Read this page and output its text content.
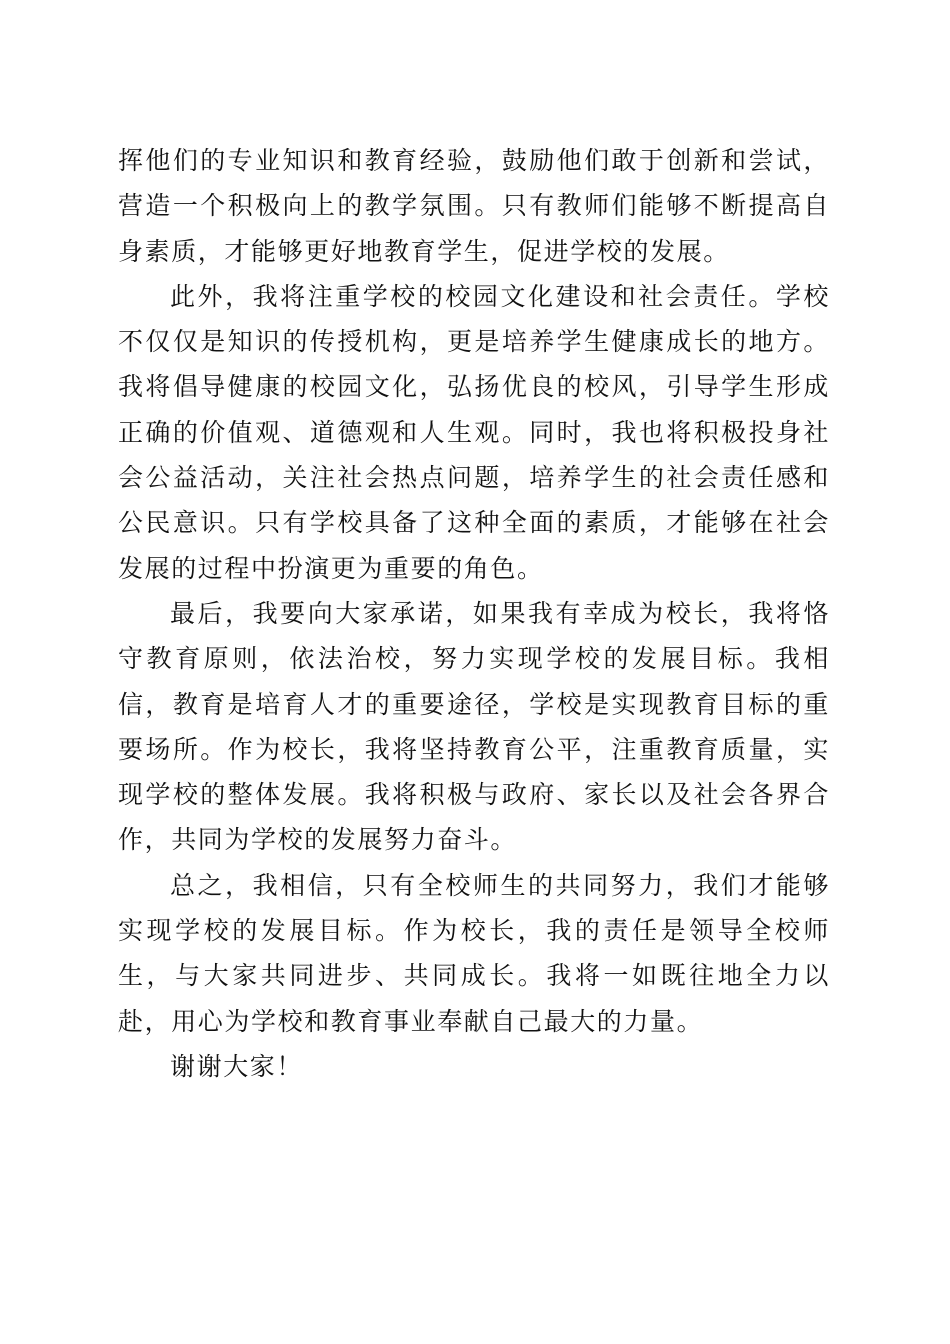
挥他们的专业知识和教育经验，鼓励他们敢于创新和尝试，营造一个积极向上的教学氛围。只有教师们能够不断提高自身素质，才能够更好地教育学生，促进学校的发展。

此外，我将注重学校的校园文化建设和社会责任。学校不仅仅是知识的传授机构，更是培养学生健康成长的地方。我将倡导健康的校园文化，弘扬优良的校风，引导学生形成正确的价值观、道德观和人生观。同时，我也将积极投身社会公益活动，关注社会热点问题，培养学生的社会责任感和公民意识。只有学校具备了这种全面的素质，才能够在社会发展的过程中扮演更为重要的角色。

最后，我要向大家承诺，如果我有幸成为校长，我将恪守教育原则，依法治校，努力实现学校的发展目标。我相信，教育是培育人才的重要途径，学校是实现教育目标的重要场所。作为校长，我将坚持教育公平，注重教育质量，实现学校的整体发展。我将积极与政府、家长以及社会各界合作，共同为学校的发展努力奋斗。

总之，我相信，只有全校师生的共同努力，我们才能够实现学校的发展目标。作为校长，我的责任是领导全校师生，与大家共同进步、共同成长。我将一如既往地全力以赴，用心为学校和教育事业奉献自己最大的力量。

谢谢大家！
